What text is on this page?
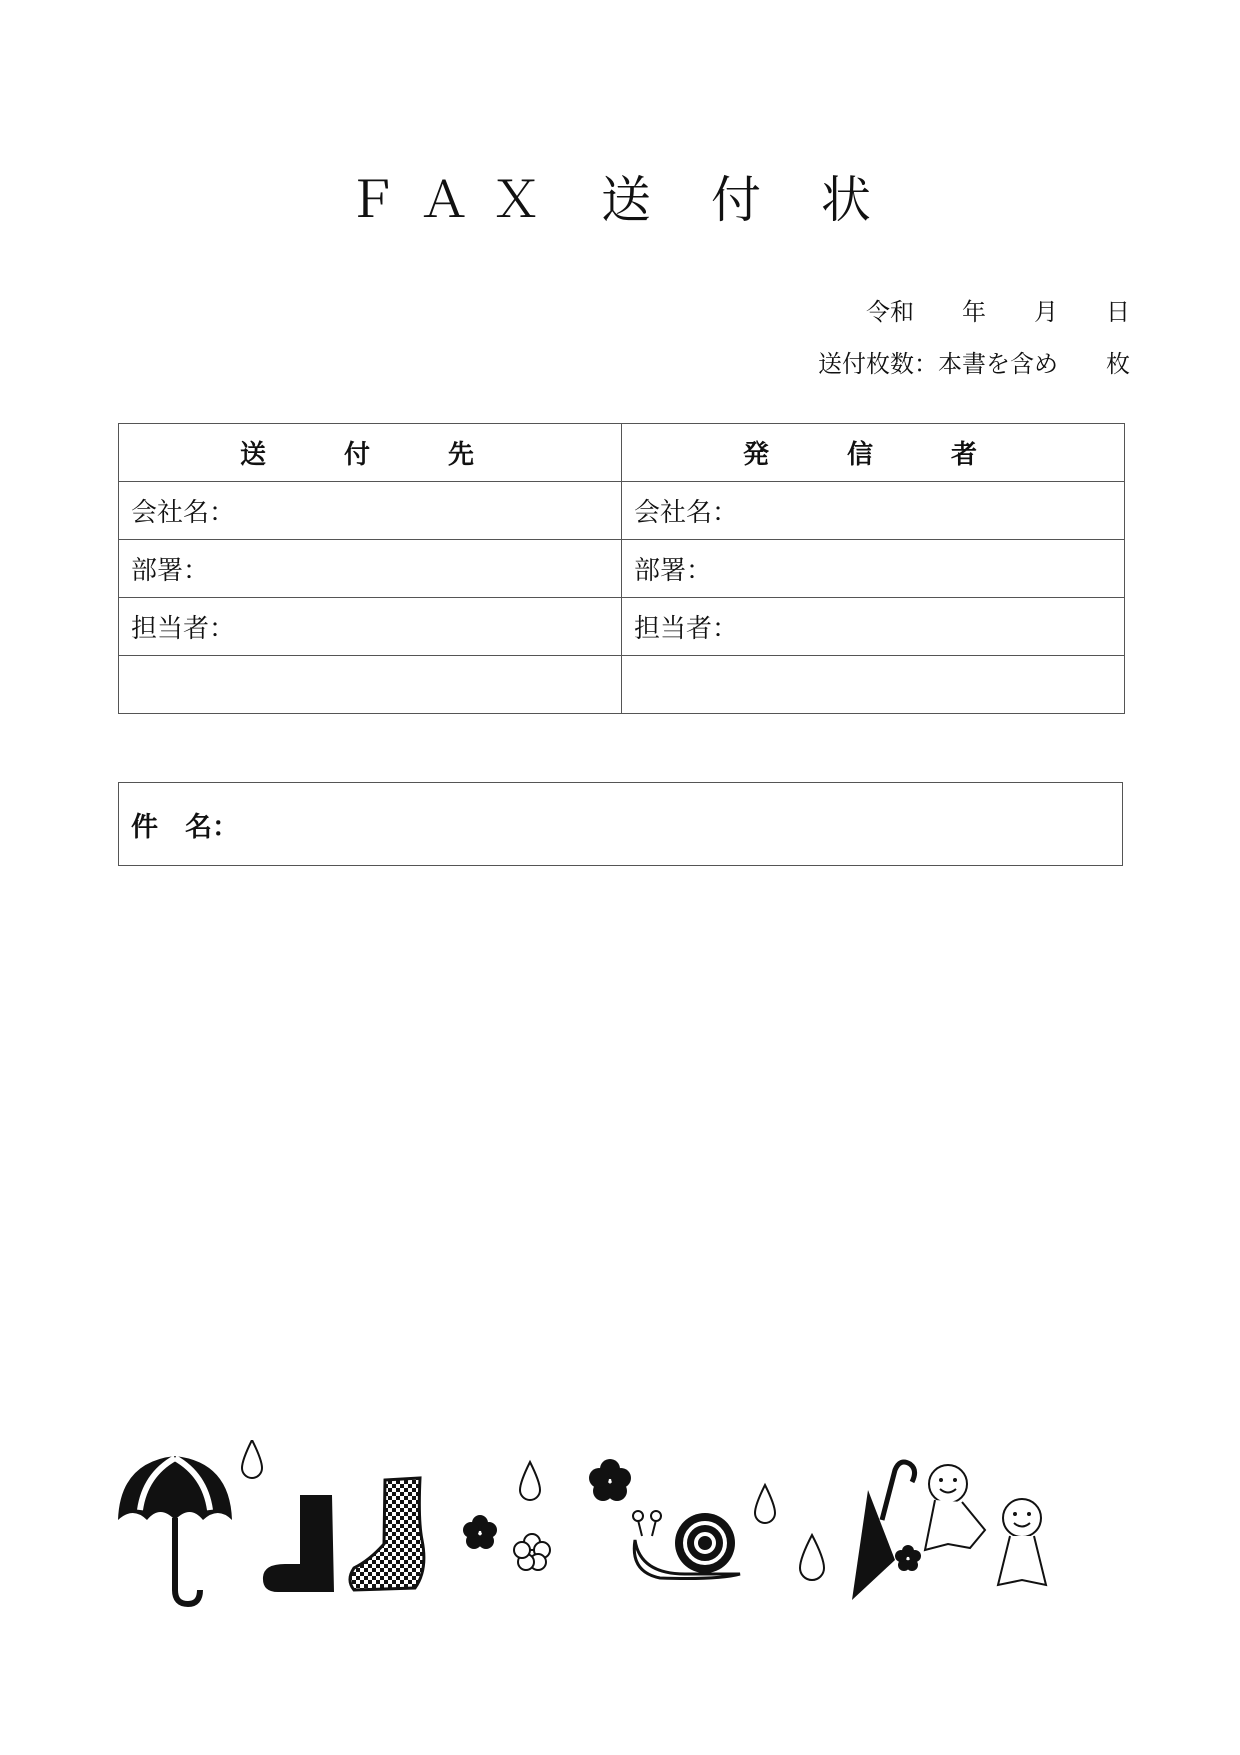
ＦＡＸ 送 付 状
令和　　年　　月　　日
送付枚数：本書を含め　　枚
送　付　先	発　信　者
会社名：	会社名：
部署：	部署：
担当者：	担当者：

件　名：
